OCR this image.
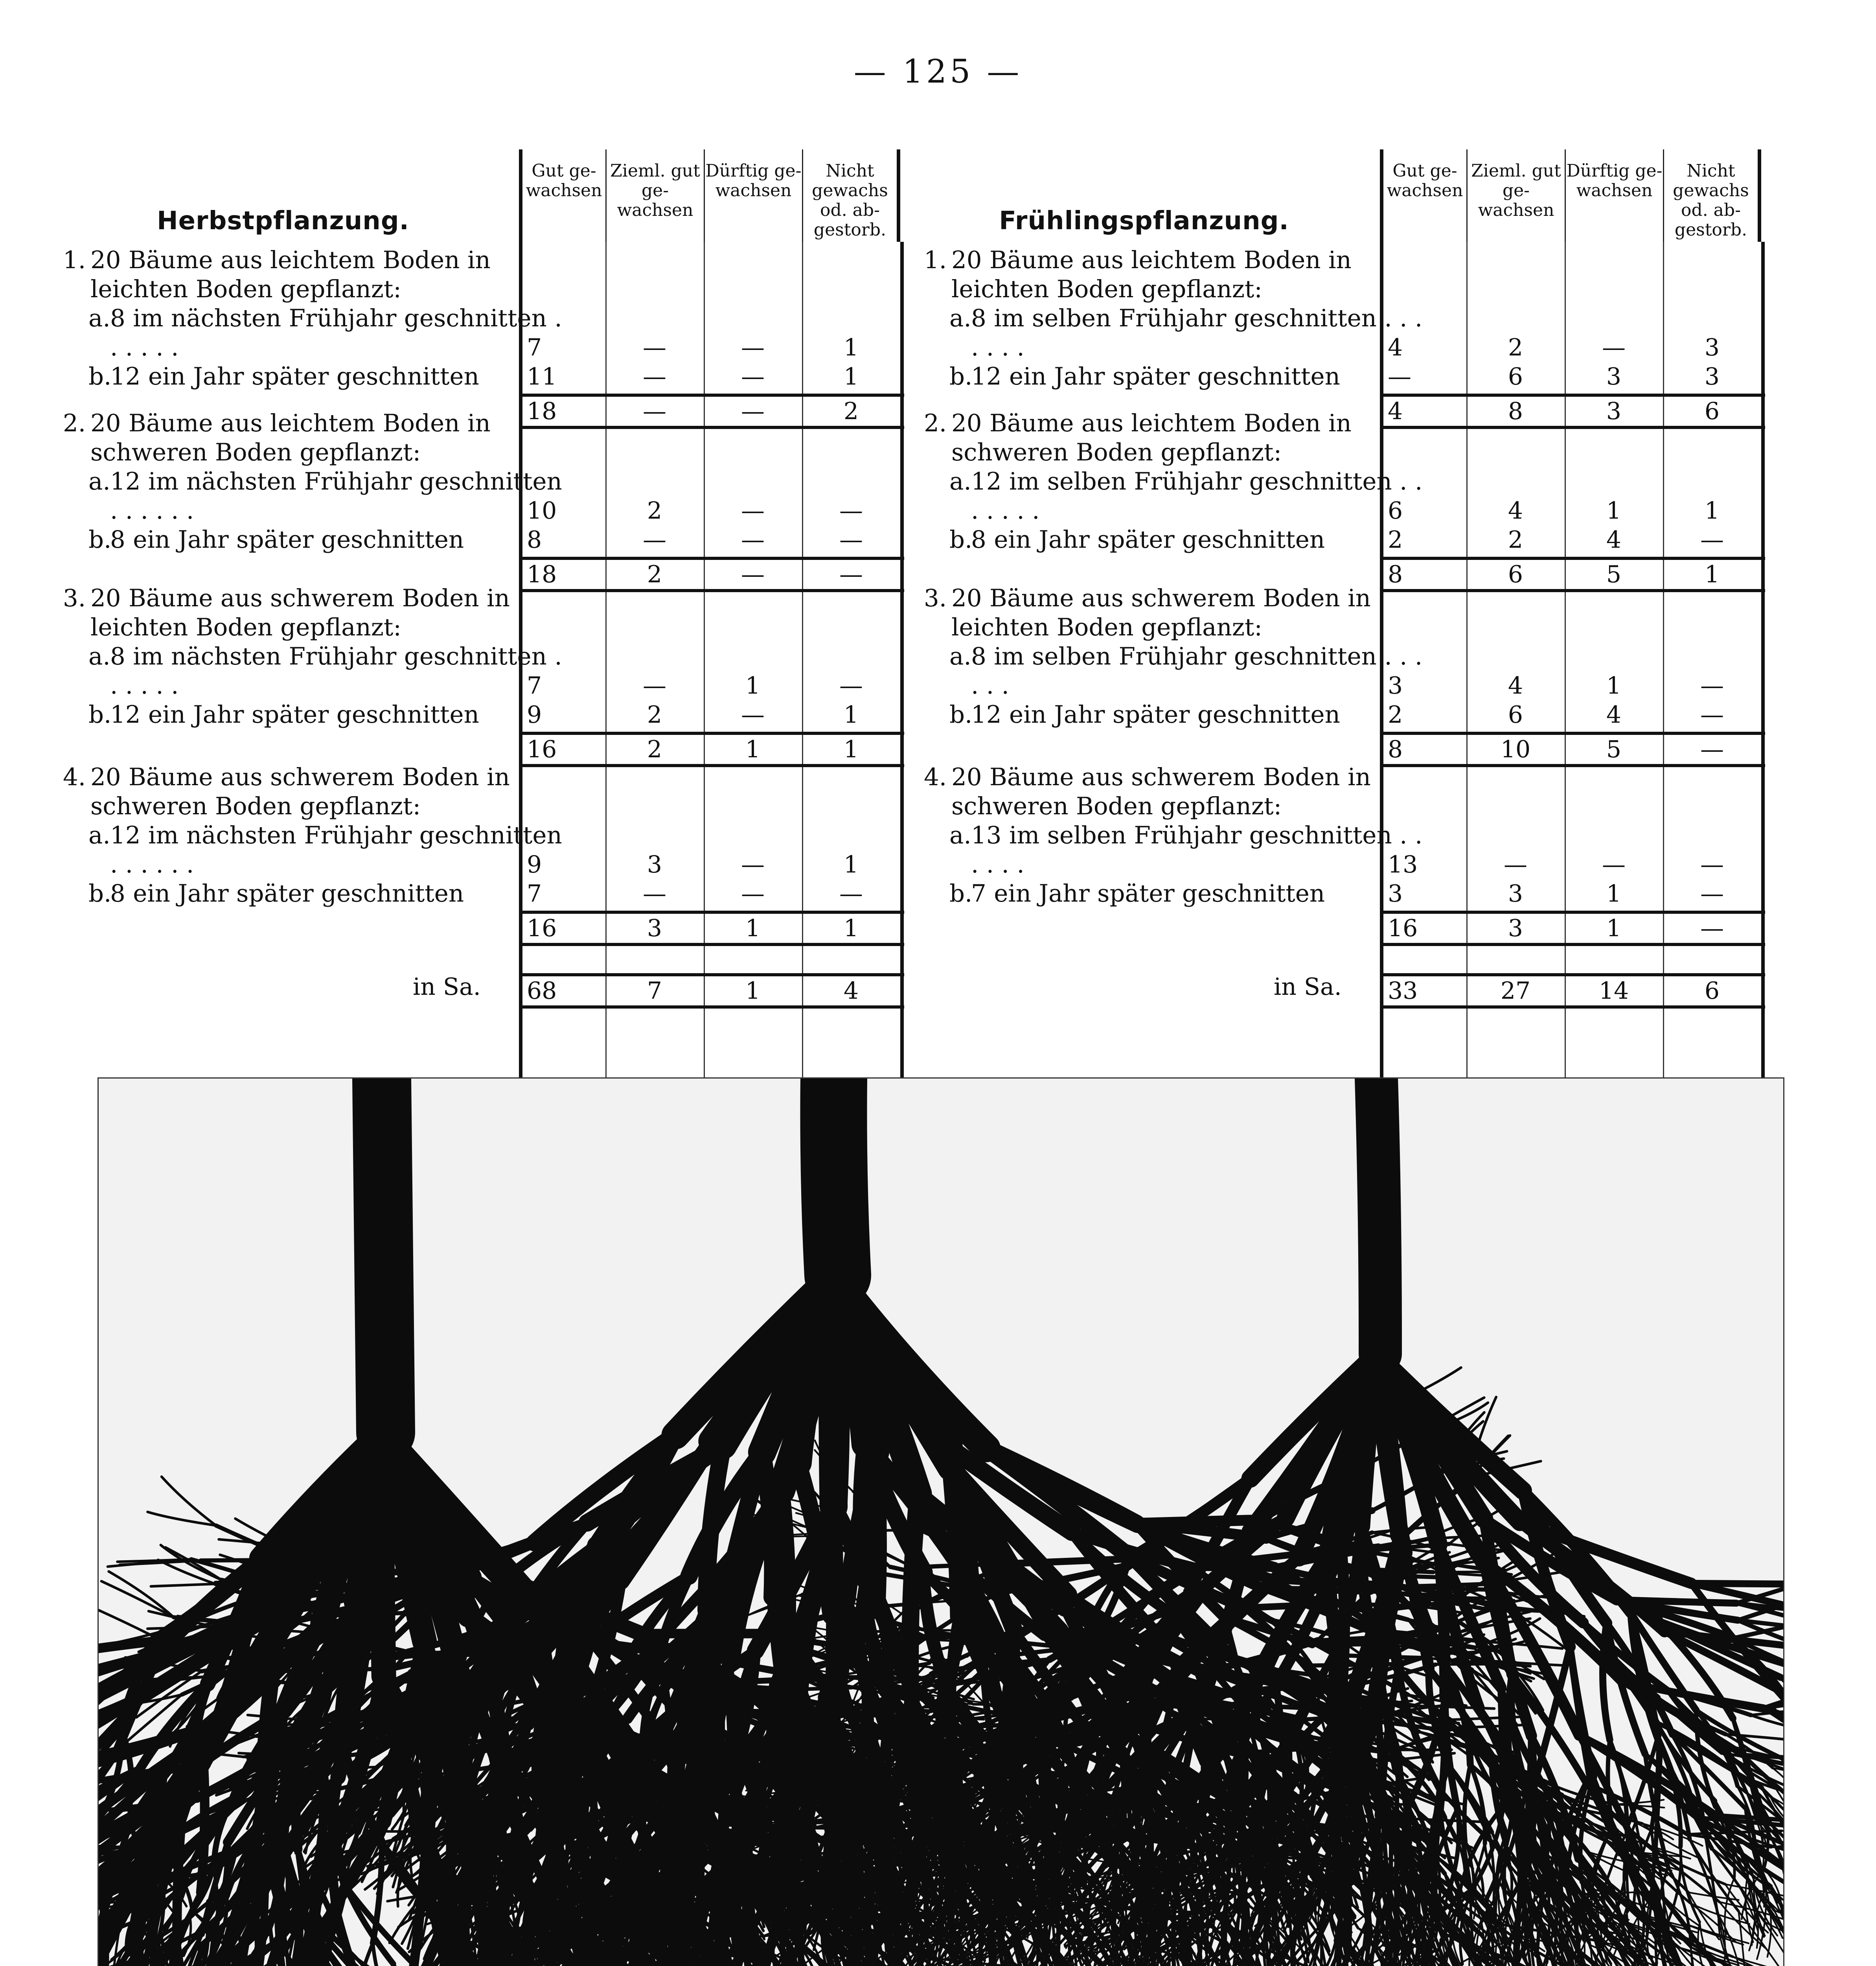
— 125 —
Herbstpflanzung.
Gut ge- wachsen
Zieml. gut ge- wachsen
Dürftig ge- wachsen
Nicht gewachs od. ab- gestorb.
1. 20 Bäume aus leichtem Boden in leichten Boden gepflanzt:
a. 8 im nächsten Frühjahr geschnitten . . . . . .	7	—	—	1
b.
12 ein Jahr später geschnitten	11	—	—	1
18	—	—	2
2. 20 Bäume aus leichtem Boden in schweren Boden gepflanzt:
a. 12 im nächsten Frühjahr geschnitten . . . . . .	10	2	—	—
b.
8 ein Jahr später geschnitten	8	—	—	—
18	2	—	—
3. 20 Bäume aus schwerem Boden in leichten Boden gepflanzt:
a. 8 im nächsten Frühjahr geschnitten . . . . . .	7	—	1	—
b.
12 ein Jahr später geschnitten	9	2	—	1
16	2	1	1
4. 20 Bäume aus schwerem Boden in schweren Boden gepflanzt:
a. 12 im nächsten Frühjahr geschnitten . . . . . .	9	3	—	1
b.
8 ein Jahr später geschnitten	7	—	—	—
16	3	1	1
68	7	1	4
in Sa.
Frühlingspflanzung.
Gut ge- wachsen
Zieml. gut ge- wachsen
Dürftig ge- wachsen
Nicht gewachs od. ab- gestorb.
1. 20 Bäume aus leichtem Boden in leichten Boden gepflanzt:
a. 8 im selben Frühjahr geschnitten . . . . . . .	4	2	—	3
b.
12 ein Jahr später geschnitten	—	6	3	3
4	8	3	6
2. 20 Bäume aus leichtem Boden in schweren Boden gepflanzt:
a. 12 im selben Frühjahr geschnitten . . . . . . .	6	4	1	1
b.
8 ein Jahr später geschnitten	2	2	4	—
8	6	5	1
3. 20 Bäume aus schwerem Boden in leichten Boden gepflanzt:
a. 8 im selben Frühjahr geschnitten . . . . . .	3	4	1	—
b.
12 ein Jahr später geschnitten	2	6	4	—
8	10	5	—
4. 20 Bäume aus schwerem Boden in schweren Boden gepflanzt:
a. 13 im selben Frühjahr geschnitten . . . . . .	13	—	—	—
b.
7 ein Jahr später geschnitten	3	3	1	—
16	3	1	—
33	27	14	6
in Sa.
